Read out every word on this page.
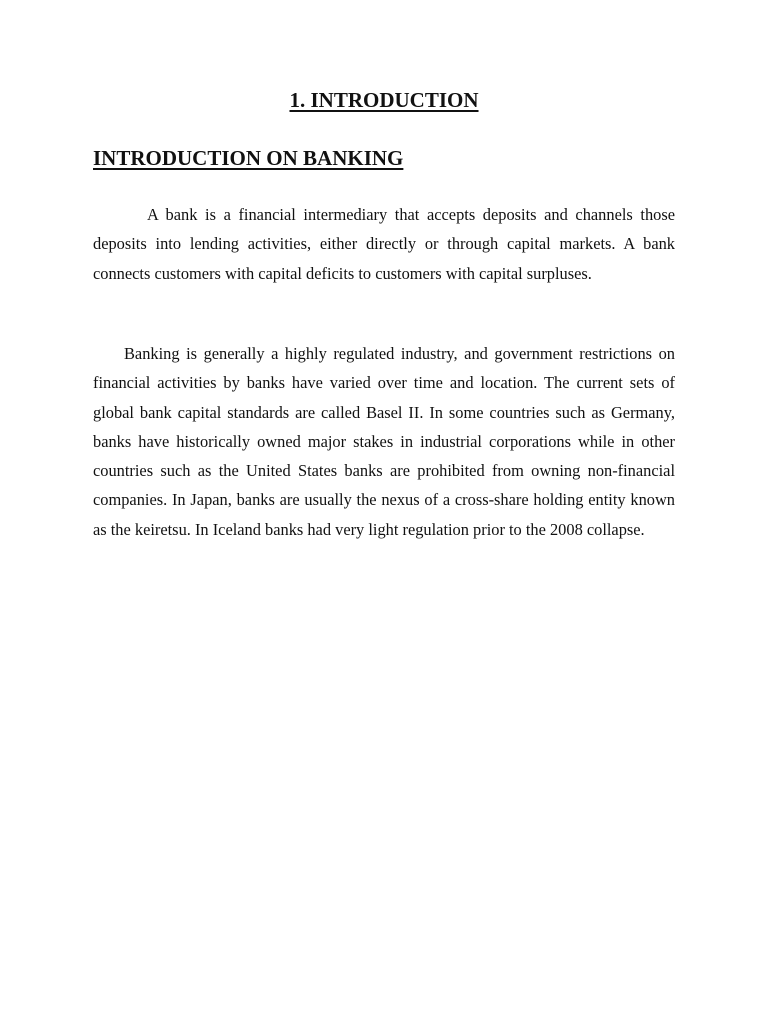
1. INTRODUCTION
INTRODUCTION ON BANKING

A bank is a financial intermediary that accepts deposits and channels those deposits into lending activities, either directly or through capital markets. A bank connects customers with capital deficits to customers with capital surpluses.

Banking is generally a highly regulated industry, and government restrictions on financial activities by banks have varied over time and location. The current sets of global bank capital standards are called Basel II. In some countries such as Germany, banks have historically owned major stakes in industrial corporations while in other countries such as the United States banks are prohibited from owning non-financial companies. In Japan, banks are usually the nexus of a cross-share holding entity known as the keiretsu. In Iceland banks had very light regulation prior to the 2008 collapse.
